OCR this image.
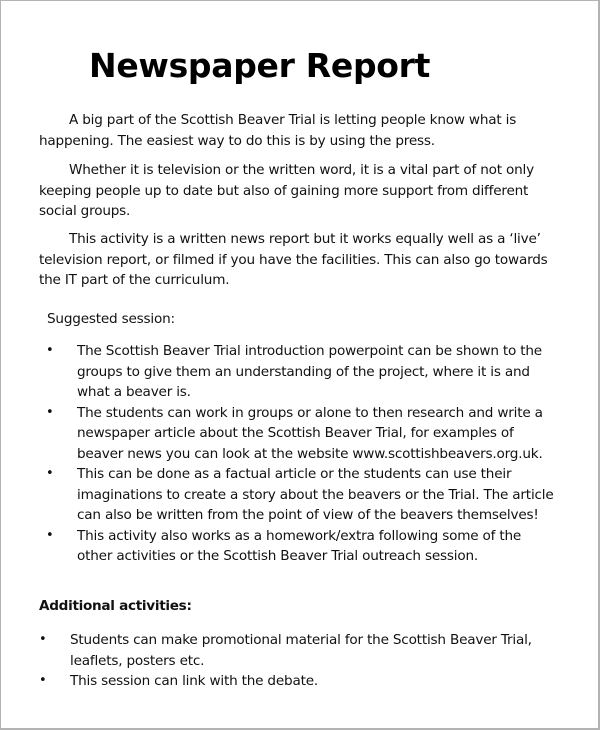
Newspaper Report

A big part of the Scottish Beaver Trial is letting people know what is happening. The easiest way to do this is by using the press.

Whether it is television or the written word, it is a vital part of not only keeping people up to date but also of gaining more support from different social groups.

This activity is a written news report but it works equally well as a ‘live’ television report, or filmed if you have the facilities. This can also go towards the IT part of the curriculum.

Suggested session:

• The Scottish Beaver Trial introduction powerpoint can be shown to the groups to give them an understanding of the project, where it is and what a beaver is.
• The students can work in groups or alone to then research and write a newspaper article about the Scottish Beaver Trial, for examples of beaver news you can look at the website www.scottishbeavers.org.uk.
• This can be done as a factual article or the students can use their imaginations to create a story about the beavers or the Trial. The article can also be written from the point of view of the beavers themselves!
• This activity also works as a homework/extra following some of the other activities or the Scottish Beaver Trial outreach session.

Additional activities:

• Students can make promotional material for the Scottish Beaver Trial, leaflets, posters etc.
• This session can link with the debate.
